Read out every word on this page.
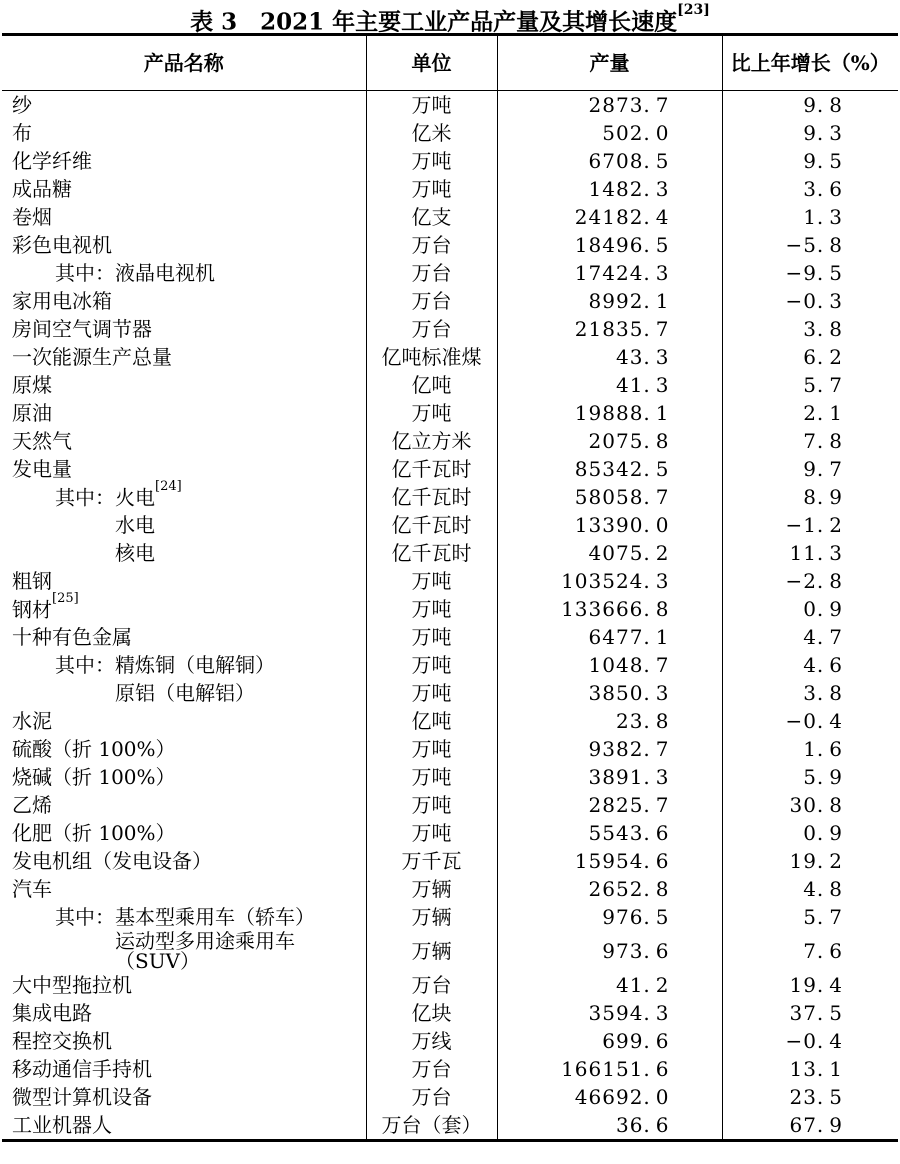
表 3　2021 年主要工业产品产量及其增长速度[23]
产品名称	单位	产量	比上年增长（%）
纱	万吨	2873. 7	9. 8
布	亿米	502. 0	9. 3
化学纤维	万吨	6708. 5	9. 5
成品糖	万吨	1482. 3	3. 6
卷烟	亿支	24182. 4	1. 3
彩色电视机	万台	18496. 5	−5. 8
其中：液晶电视机	万台	17424. 3	−9. 5
家用电冰箱	万台	8992. 1	−0. 3
房间空气调节器	万台	21835. 7	3. 8
一次能源生产总量	亿吨标准煤	43. 3	6. 2
原煤	亿吨	41. 3	5. 7
原油	万吨	19888. 1	2. 1
天然气	亿立方米	2075. 8	7. 8
发电量	亿千瓦时	85342. 5	9. 7
其中：火电[24]	亿千瓦时	58058. 7	8. 9
水电	亿千瓦时	13390. 0	−1. 2
核电	亿千瓦时	4075. 2	11. 3
粗钢	万吨	103524. 3	−2. 8
钢材[25]	万吨	133666. 8	0. 9
十种有色金属	万吨	6477. 1	4. 7
其中：精炼铜（电解铜）	万吨	1048. 7	4. 6
原铝（电解铝）	万吨	3850. 3	3. 8
水泥	亿吨	23. 8	−0. 4
硫酸（折 100%）	万吨	9382. 7	1. 6
烧碱（折 100%）	万吨	3891. 3	5. 9
乙烯	万吨	2825. 7	30. 8
化肥（折 100%）	万吨	5543. 6	0. 9
发电机组（发电设备）	万千瓦	15954. 6	19. 2
汽车	万辆	2652. 8	4. 8
其中：基本型乘用车（轿车）	万辆	976. 5	5. 7
运动型多用途乘用车（SUV）	万辆	973. 6	7. 6
大中型拖拉机	万台	41. 2	19. 4
集成电路	亿块	3594. 3	37. 5
程控交换机	万线	699. 6	−0. 4
移动通信手持机	万台	166151. 6	13. 1
微型计算机设备	万台	46692. 0	23. 5
工业机器人	万台（套）	36. 6	67. 9
